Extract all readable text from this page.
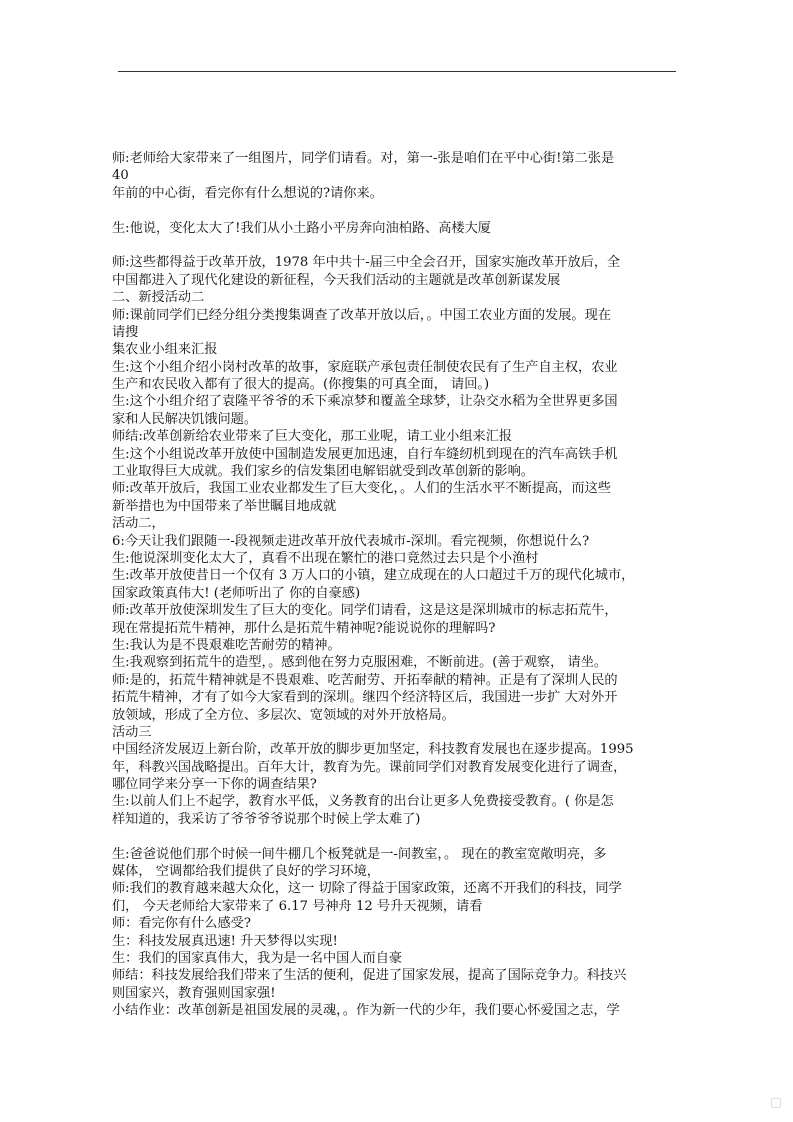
师:老师给大家带来了一组图片，同学们请看。对，第一-张是咱们在平中心街!第二张是
40
年前的中心街，看完你有什么想说的?请你来。
生:他说，变化太大了!我们从小土路小平房奔向油柏路、高楼大厦
师:这些都得益于改革开放，1978 年中共十-届三中全会召开，国家实施改革开放后，全
中国都进入了现代化建设的新征程，今天我们活动的主题就是改革创新谋发展
二、新授活动二
师:课前同学们已经分组分类搜集调查了改革开放以后，。中国工农业方面的发展。现在
请搜
集农业小组来汇报
生:这个小组介绍小岗村改革的故事，家庭联产承包责任制使农民有了生产自主权，农业
生产和农民收入都有了很大的提高。(你搜集的可真全面， 请回。)
生:这个小组介绍了袁隆平爷爷的禾下乘凉梦和覆盖全球梦，让杂交水稻为全世界更多国
家和人民解决饥饿问题。
师结:改革创新给农业带来了巨大变化，那工业呢，请工业小组来汇报
生:这个小组说改革开放使中国制造发展更加迅速，自行车缝纫机到现在的汽车高铁手机
工业取得巨大成就。我们家乡的信发集团电解铝就受到改革创新的影响。
师:改革开放后，我国工业农业都发生了巨大变化，。人们的生活水平不断提高，而这些
新举措也为中国带来了举世瞩目地成就
活动二，
6:今天让我们跟随一-段视频走进改革开放代表城市-深圳。看完视频，你想说什么?
生:他说深圳变化太大了，真看不出现在繁忙的港口竟然过去只是个小渔村
生:改革开放使昔日一个仅有 3 万人口的小镇，建立成现在的人口超过千万的现代化城市，
国家政策真伟大! (老师听出了 你的自豪感)
师:改革开放使深圳发生了巨大的变化。同学们请看，这是这是深圳城市的标志拓荒牛，
现在常提拓荒牛精神，那什么是拓荒牛精神呢?能说说你的理解吗?
生:我认为是不畏艰难吃苦耐劳的精神。
生:我观察到拓荒牛的造型，。感到他在努力克服困难，不断前进。(善于观察， 请坐。
师:是的，拓荒牛精神就是不畏艰难、吃苦耐劳、开拓奉献的精神。正是有了深圳人民的
拓荒牛精神，才有了如今大家看到的深圳。继四个经济特区后，我国进一步扩 大对外开
放领域，形成了全方位、多层次、宽领域的对外开放格局。
活动三
中国经济发展迈上新台阶，改革开放的脚步更加坚定，科技教育发展也在逐步提高。1995
年，科教兴国战略提出。百年大计，教育为先。课前同学们对教育发展变化进行了调查，
哪位同学来分享一下你的调查结果?
生:以前人们上不起学，教育水平低，义务教育的出台让更多人免费接受教育。( 你是怎
样知道的，我采访了爷爷爷爷说那个时候上学太难了)
生:爸爸说他们那个时候一间牛棚几个板凳就是一-间教室，。 现在的教室宽敞明亮，多
媒体， 空调都给我们提供了良好的学习环境，
师:我们的教育越来越大众化，这一 切除了得益于国家政策，还离不开我们的科技，同学
们， 今天老师给大家带来了 6.17 号神舟 12 号升天视频，请看
师：看完你有什么感受?
生：科技发展真迅速! 升天梦得以实现!
生：我们的国家真伟大，我为是一名中国人而自豪
师结：科技发展给我们带来了生活的便利，促进了国家发展，提高了国际竞争力。科技兴
则国家兴，教育强则国家强!
小结作业：改革创新是祖国发展的灵魂，。作为新一代的少年，我们要心怀爱国之志，学
